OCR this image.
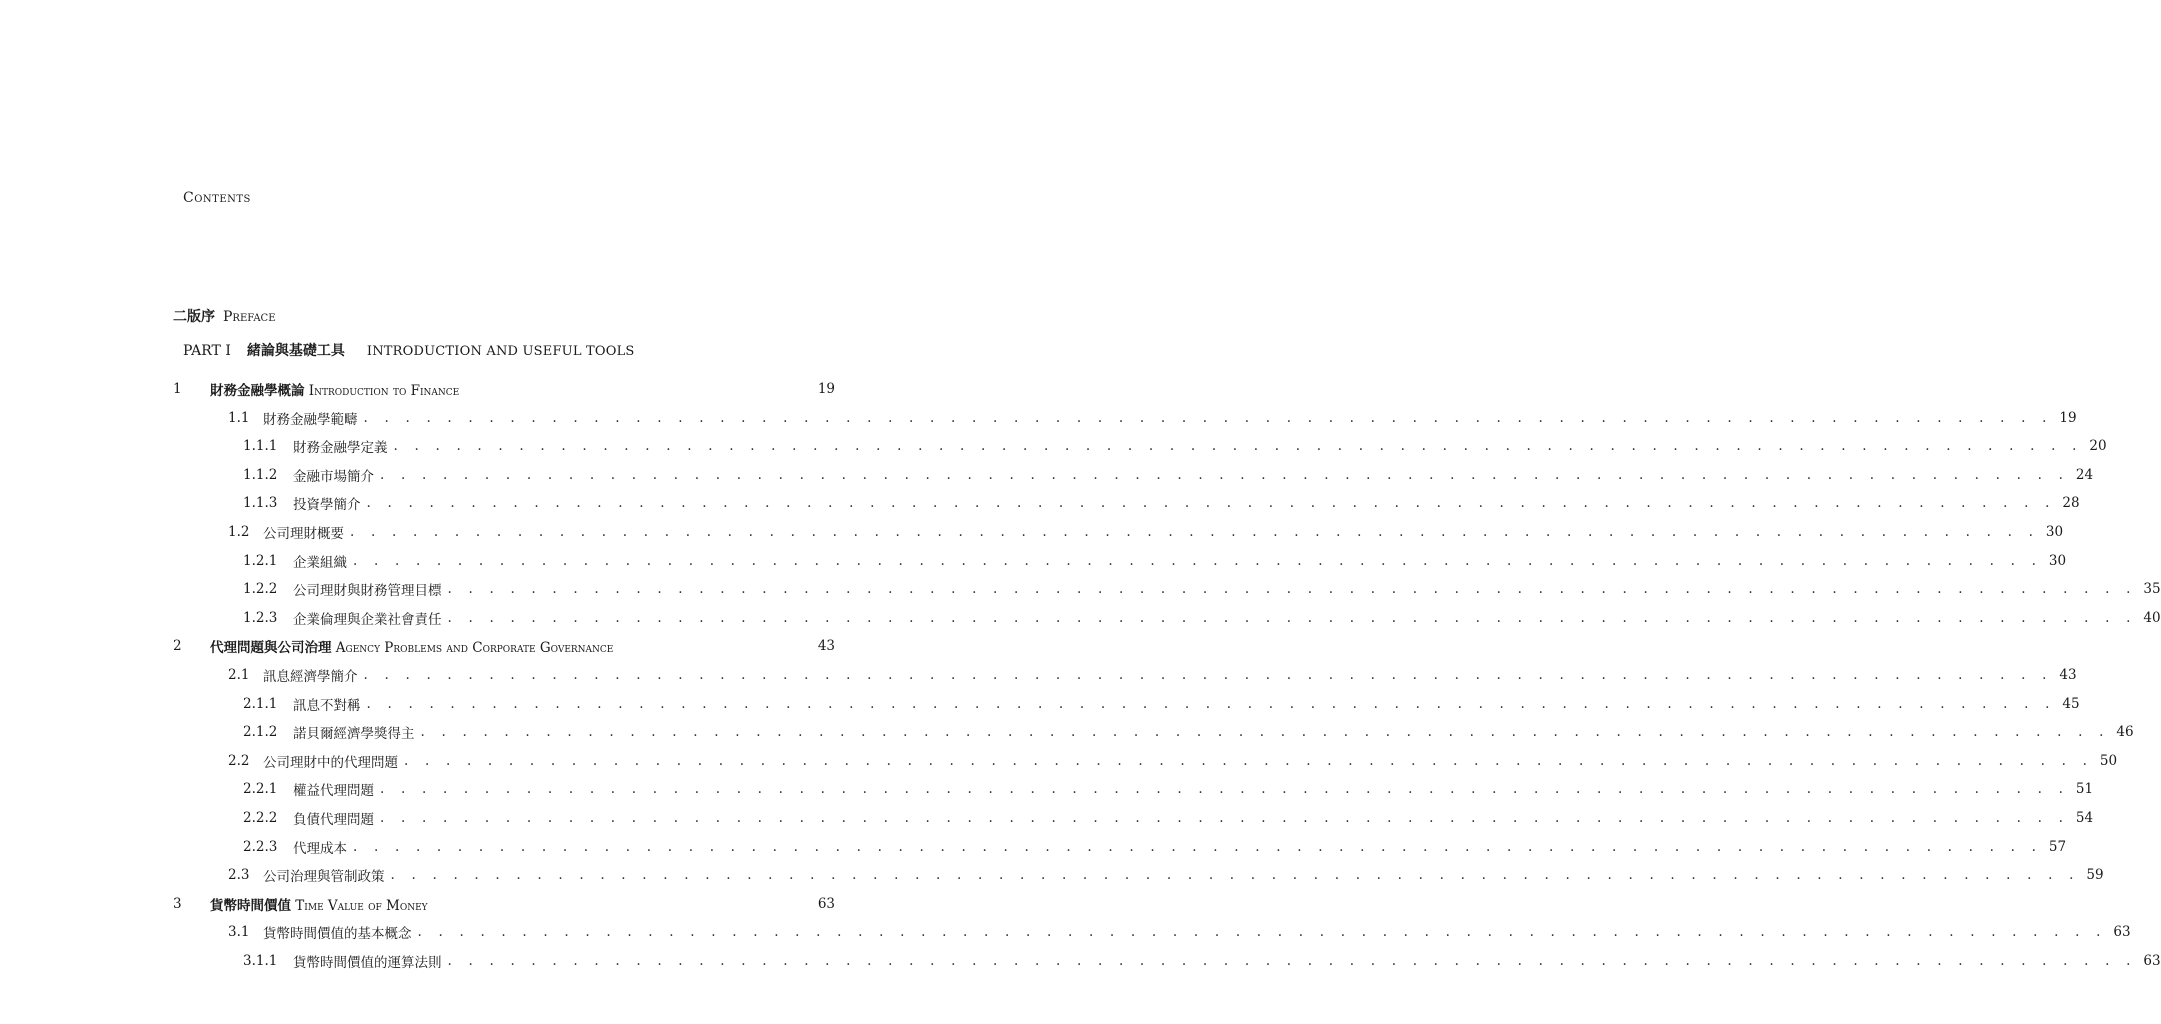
Contents
二版序 Preface
PART I 緒論與基礎工具 INTRODUCTION AND USEFUL TOOLS
1	財務金融學概論 Introduction to Finance	19
1.1	財務金融學範疇 . . . . . . . . . . . . . . . . . . . . . . . . . . . . . . . . . . . . . . . . . . . . . . . . . . . . . . . . . . . . . . . . . . . . . . . . . . . . . . . . . 19
1.1.1	財務金融學定義 . . . . . . . . . . . . . . . . . . . . . . . . . . . . . . . . . . . . . . . . . . . . . . . . . . . . . . . . . . . . . . . . . . . . . . . . . . . . . . . . . 20
1.1.2	金融市場簡介 . . . . . . . . . . . . . . . . . . . . . . . . . . . . . . . . . . . . . . . . . . . . . . . . . . . . . . . . . . . . . . . . . . . . . . . . . . . . . . . . . 24
1.1.3	投資學簡介 . . . . . . . . . . . . . . . . . . . . . . . . . . . . . . . . . . . . . . . . . . . . . . . . . . . . . . . . . . . . . . . . . . . . . . . . . . . . . . . . . 28
1.2	公司理財概要 . . . . . . . . . . . . . . . . . . . . . . . . . . . . . . . . . . . . . . . . . . . . . . . . . . . . . . . . . . . . . . . . . . . . . . . . . . . . . . . . . 30
1.2.1	企業組織 . . . . . . . . . . . . . . . . . . . . . . . . . . . . . . . . . . . . . . . . . . . . . . . . . . . . . . . . . . . . . . . . . . . . . . . . . . . . . . . . . 30
1.2.2	公司理財與財務管理目標 . . . . . . . . . . . . . . . . . . . . . . . . . . . . . . . . . . . . . . . . . . . . . . . . . . . . . . . . . . . . . . . . . . . . . . . . . . . . . . . . . 35
1.2.3	企業倫理與企業社會責任 . . . . . . . . . . . . . . . . . . . . . . . . . . . . . . . . . . . . . . . . . . . . . . . . . . . . . . . . . . . . . . . . . . . . . . . . . . . . . . . . . 40
2	代理問題與公司治理 Agency Problems and Corporate Governance	43
2.1	訊息經濟學簡介 . . . . . . . . . . . . . . . . . . . . . . . . . . . . . . . . . . . . . . . . . . . . . . . . . . . . . . . . . . . . . . . . . . . . . . . . . . . . . . . . . 43
2.1.1	訊息不對稱 . . . . . . . . . . . . . . . . . . . . . . . . . . . . . . . . . . . . . . . . . . . . . . . . . . . . . . . . . . . . . . . . . . . . . . . . . . . . . . . . . 45
2.1.2	諾貝爾經濟學獎得主 . . . . . . . . . . . . . . . . . . . . . . . . . . . . . . . . . . . . . . . . . . . . . . . . . . . . . . . . . . . . . . . . . . . . . . . . . . . . . . . . . 46
2.2	公司理財中的代理問題 . . . . . . . . . . . . . . . . . . . . . . . . . . . . . . . . . . . . . . . . . . . . . . . . . . . . . . . . . . . . . . . . . . . . . . . . . . . . . . . . . 50
2.2.1	權益代理問題 . . . . . . . . . . . . . . . . . . . . . . . . . . . . . . . . . . . . . . . . . . . . . . . . . . . . . . . . . . . . . . . . . . . . . . . . . . . . . . . . . 51
2.2.2	負債代理問題 . . . . . . . . . . . . . . . . . . . . . . . . . . . . . . . . . . . . . . . . . . . . . . . . . . . . . . . . . . . . . . . . . . . . . . . . . . . . . . . . . 54
2.2.3	代理成本 . . . . . . . . . . . . . . . . . . . . . . . . . . . . . . . . . . . . . . . . . . . . . . . . . . . . . . . . . . . . . . . . . . . . . . . . . . . . . . . . . 57
2.3	公司治理與管制政策 . . . . . . . . . . . . . . . . . . . . . . . . . . . . . . . . . . . . . . . . . . . . . . . . . . . . . . . . . . . . . . . . . . . . . . . . . . . . . . . . . 59
3	貨幣時間價值 Time Value of Money	63
3.1	貨幣時間價值的基本概念 . . . . . . . . . . . . . . . . . . . . . . . . . . . . . . . . . . . . . . . . . . . . . . . . . . . . . . . . . . . . . . . . . . . . . . . . . . . . . . . . . 63
3.1.1	貨幣時間價值的運算法則 . . . . . . . . . . . . . . . . . . . . . . . . . . . . . . . . . . . . . . . . . . . . . . . . . . . . . . . . . . . . . . . . . . . . . . . . . . . . . . . . . 63
